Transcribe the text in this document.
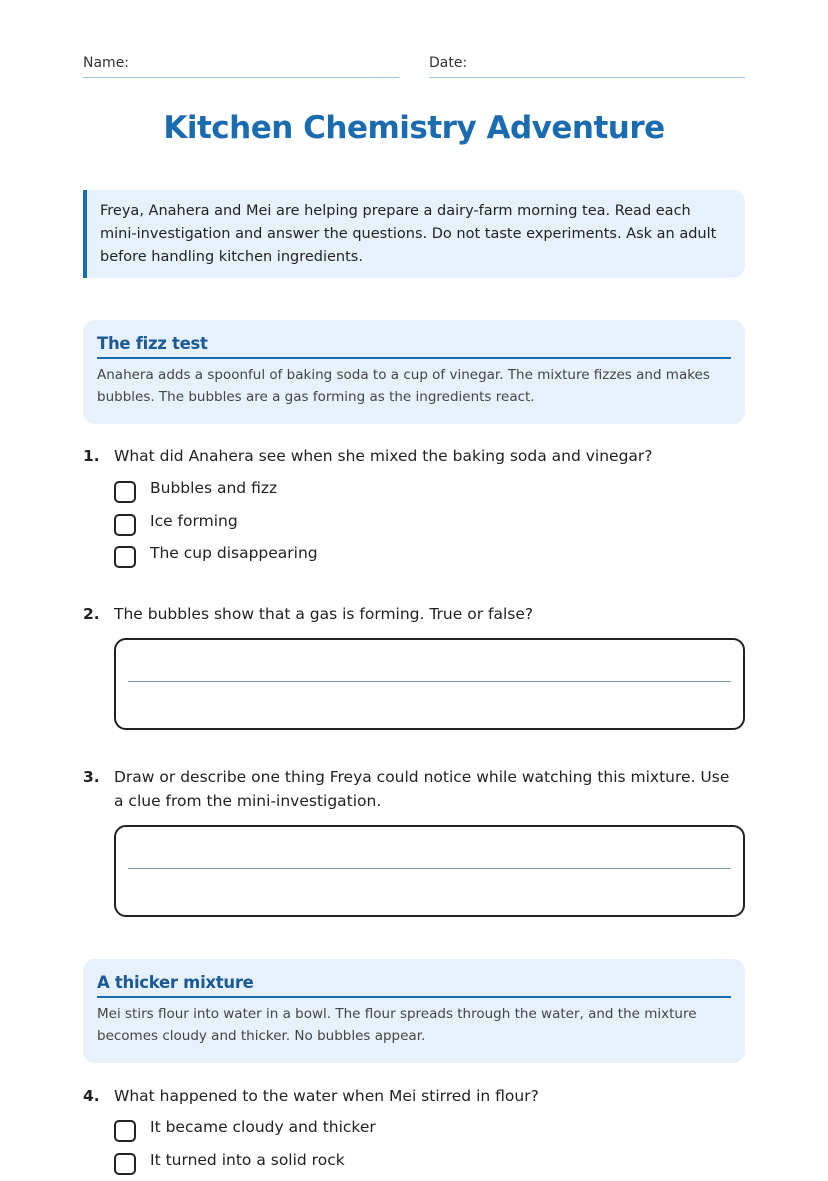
Name:	Date:
Kitchen Chemistry Adventure
Freya, Anahera and Mei are helping prepare a dairy-farm morning tea. Read each mini-investigation and answer the questions. Do not taste experiments. Ask an adult before handling kitchen ingredients.
The fizz test
Anahera adds a spoonful of baking soda to a cup of vinegar. The mixture fizzes and makes bubbles. The bubbles are a gas forming as the ingredients react.
1. What did Anahera see when she mixed the baking soda and vinegar?
Bubbles and fizz
Ice forming
The cup disappearing
2. The bubbles show that a gas is forming. True or false?
3. Draw or describe one thing Freya could notice while watching this mixture. Use a clue from the mini-investigation.
A thicker mixture
Mei stirs flour into water in a bowl. The flour spreads through the water, and the mixture becomes cloudy and thicker. No bubbles appear.
4. What happened to the water when Mei stirred in flour?
It became cloudy and thicker
It turned into a solid rock
